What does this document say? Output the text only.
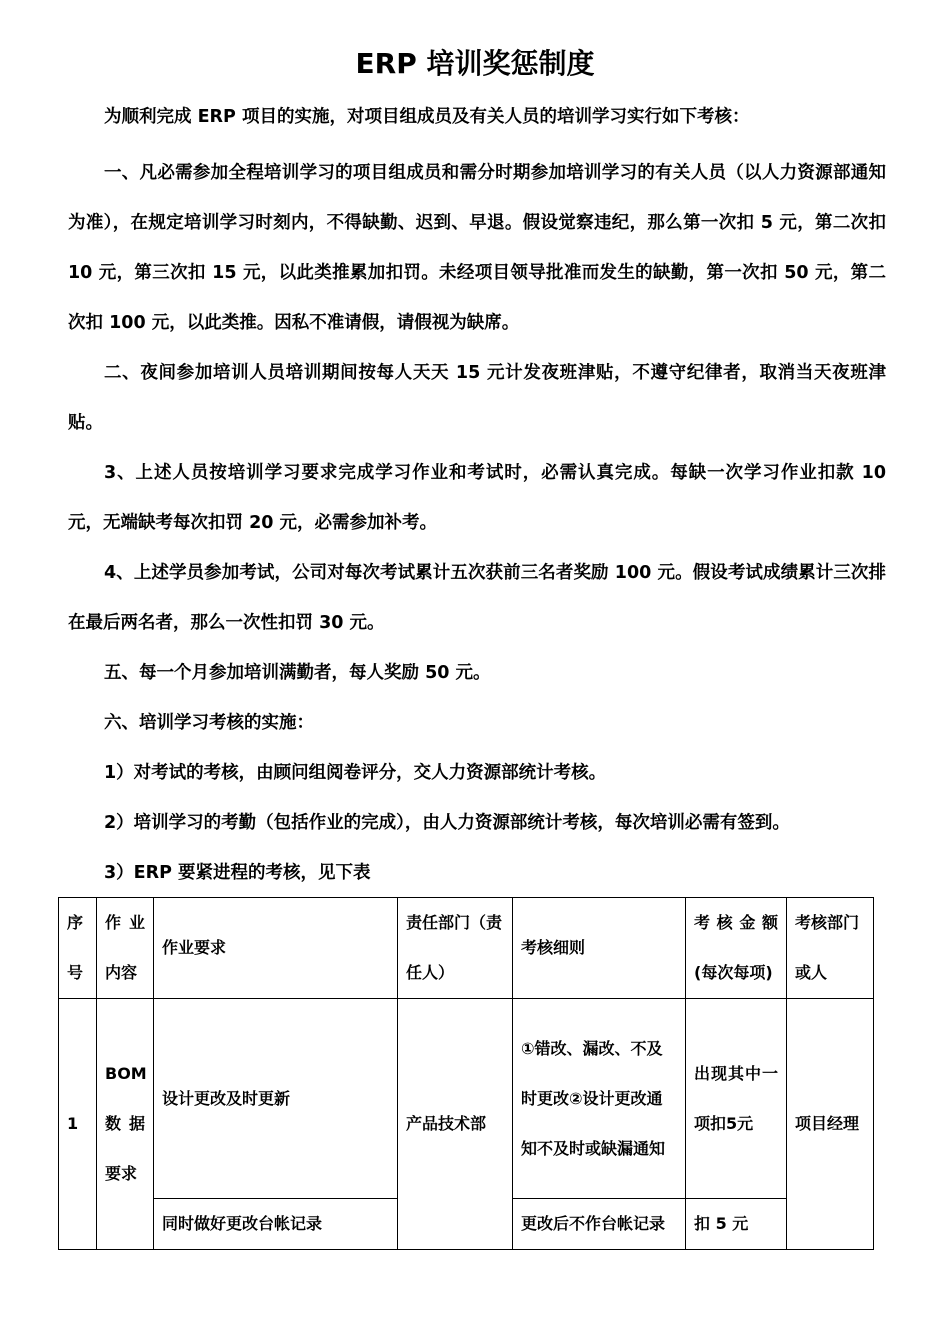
ERP 培训奖惩制度

为顺利完成 ERP 项目的实施，对项目组成员及有关人员的培训学习实行如下考核：

一、凡必需参加全程培训学习的项目组成员和需分时期参加培训学习的有关人员（以人力资源部通知为准），在规定培训学习时刻内，不得缺勤、迟到、早退。假设觉察违纪，那么第一次扣 5 元，第二次扣 10 元，第三次扣 15 元，以此类推累加扣罚。未经项目领导批准而发生的缺勤，第一次扣 50 元，第二次扣 100 元，以此类推。因私不准请假，请假视为缺席。

二、夜间参加培训人员培训期间按每人天天 15 元计发夜班津贴，不遵守纪律者，取消当天夜班津贴。

3、上述人员按培训学习要求完成学习作业和考试时，必需认真完成。每缺一次学习作业扣款 10 元，无端缺考每次扣罚 20 元，必需参加补考。

4、上述学员参加考试，公司对每次考试累计五次获前三名者奖励 100 元。假设考试成绩累计三次排在最后两名者，那么一次性扣罚 30 元。

五、每一个月参加培训满勤者，每人奖励 50 元。

六、培训学习考核的实施：

1）对考试的考核，由顾问组阅卷评分，交人力资源部统计考核。

2）培训学习的考勤（包括作业的完成），由人力资源部统计考核，每次培训必需有签到。

3）ERP 要紧进程的考核，见下表

序号	作业内容	作业要求	责任部门（责任人）	考核细则	考核金额(每次每项)	考核部门或人
1	BOM数据要求	设计更改及时更新	产品技术部	①错改、漏改、不及时更改②设计更改通知不及时或缺漏通知	出现其中一项扣5元	项目经理
		同时做好更改台帐记录		更改后不作台帐记录	扣 5 元	
